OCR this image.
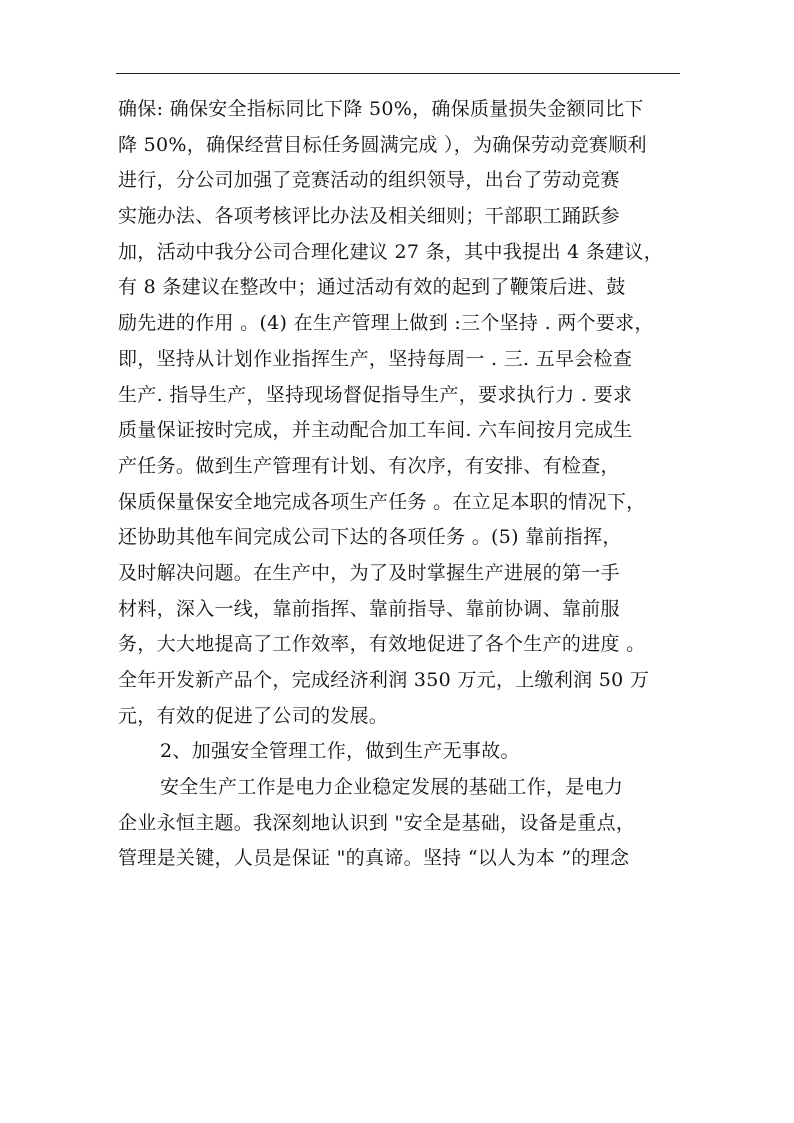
确保: 确保安全指标同比下降 50%，确保质量损失金额同比下
降 50%，确保经营目标任务圆满完成 ），为确保劳动竞赛顺利
进行，分公司加强了竞赛活动的组织领导，出台了劳动竞赛
实施办法、各项考核评比办法及相关细则；干部职工踊跃参
加，活动中我分公司合理化建议 27 条，其中我提出 4 条建议，
有 8 条建议在整改中；通过活动有效的起到了鞭策后进、鼓
励先进的作用 。(4) 在生产管理上做到 :三个坚持 . 两个要求，
即，坚持从计划作业指挥生产，坚持每周一 . 三. 五早会检查
生产. 指导生产，坚持现场督促指导生产，要求执行力 . 要求
质量保证按时完成，并主动配合加工车间. 六车间按月完成生
产任务。做到生产管理有计划、有次序，有安排、有检查，
保质保量保安全地完成各项生产任务 。在立足本职的情况下，
还协助其他车间完成公司下达的各项任务 。(5) 靠前指挥，
及时解决问题。在生产中，为了及时掌握生产进展的第一手
材料，深入一线，靠前指挥、靠前指导、靠前协调、靠前服
务，大大地提高了工作效率，有效地促进了各个生产的进度 。
全年开发新产品个，完成经济利润 350 万元，上缴利润 50 万
元，有效的促进了公司的发展。
2、加强安全管理工作，做到生产无事故。
安全生产工作是电力企业稳定发展的基础工作，是电力
企业永恒主题。我深刻地认识到 "安全是基础，设备是重点，
管理是关键，人员是保证 "的真谛。坚持 “以人为本 ”的理念
